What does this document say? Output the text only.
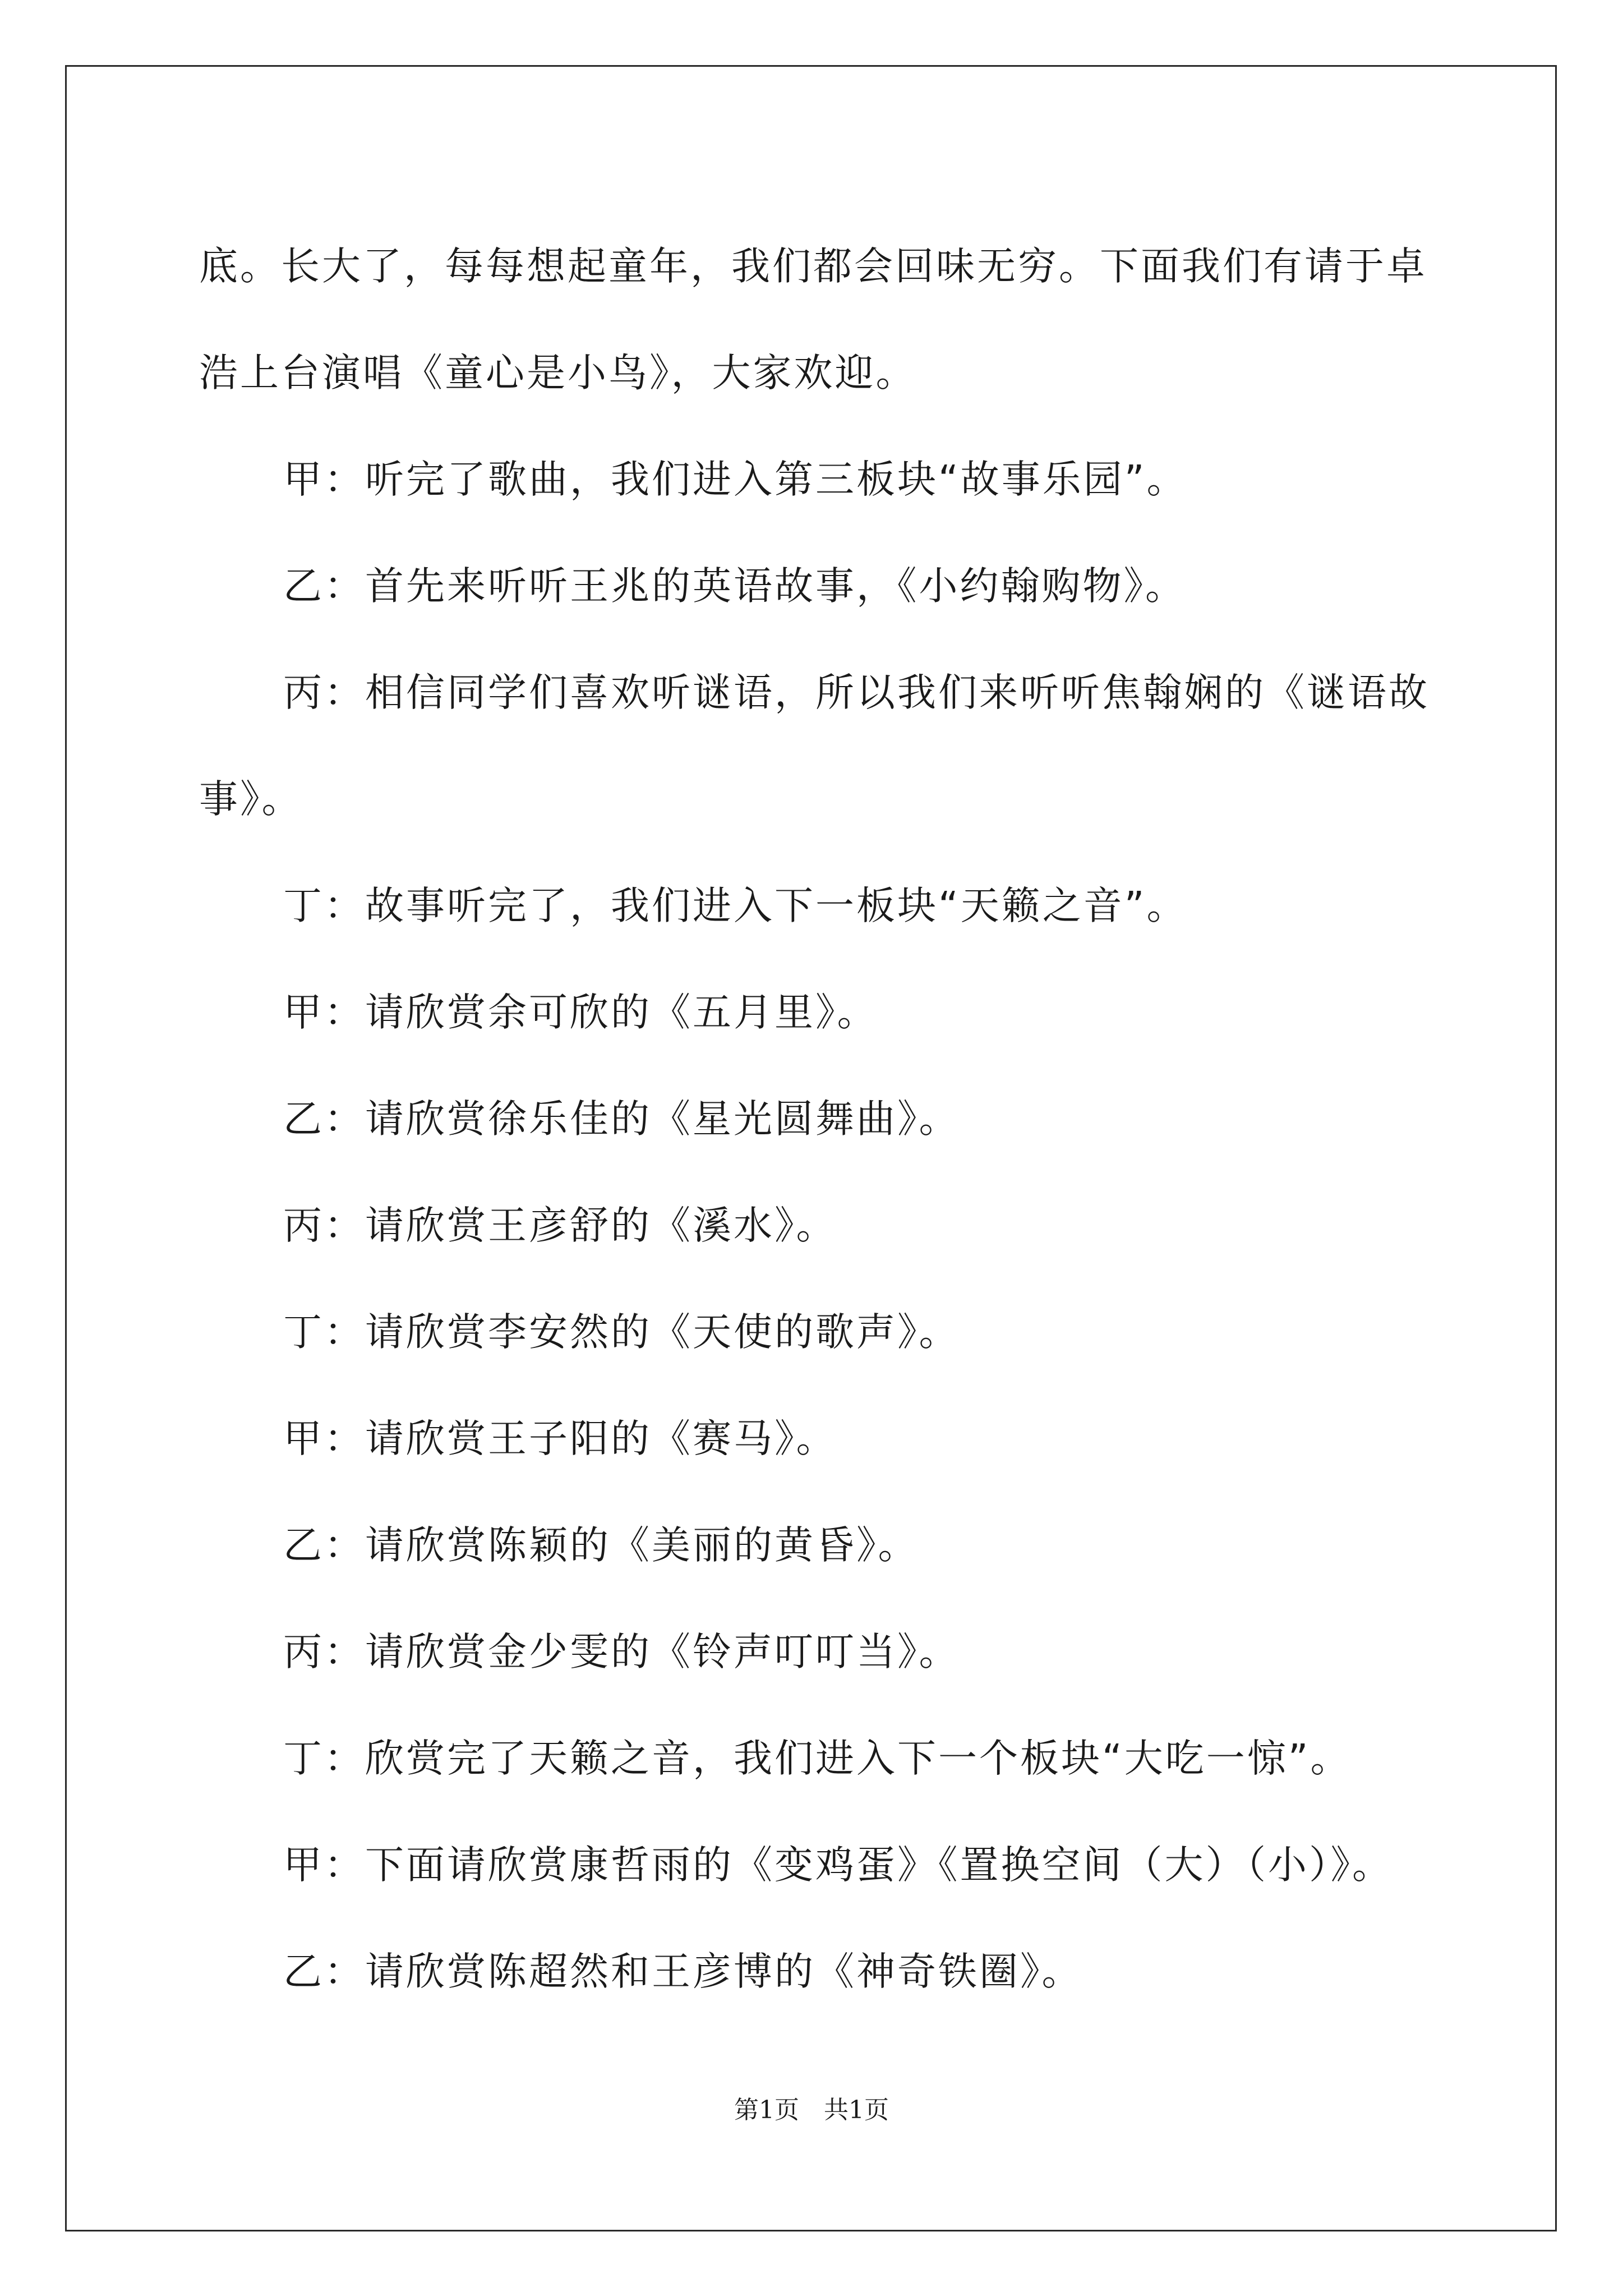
底。长大了，每每想起童年，我们都会回味无穷。下面我们有请于卓
浩上台演唱《童心是小鸟》，大家欢迎。

甲：听完了歌曲，我们进入第三板块“故事乐园”。

乙：首先来听听王兆的英语故事，《小约翰购物》。

丙：相信同学们喜欢听谜语，所以我们来听听焦翰娴的《谜语故

事》。

丁：故事听完了，我们进入下一板块“天籁之音”。

甲：请欣赏余可欣的《五月里》。

乙：请欣赏徐乐佳的《星光圆舞曲》。

丙：请欣赏王彦舒的《溪水》。

丁：请欣赏李安然的《天使的歌声》。

甲：请欣赏王子阳的《赛马》。

乙：请欣赏陈颖的《美丽的黄昏》。

丙：请欣赏金少雯的《铃声叮叮当》。

丁：欣赏完了天籁之音，我们进入下一个板块“大吃一惊”。

甲：下面请欣赏康哲雨的《变鸡蛋》《置换空间（大）（小）》。

乙：请欣赏陈超然和王彦博的《神奇铁圈》。

第1页　共1页
